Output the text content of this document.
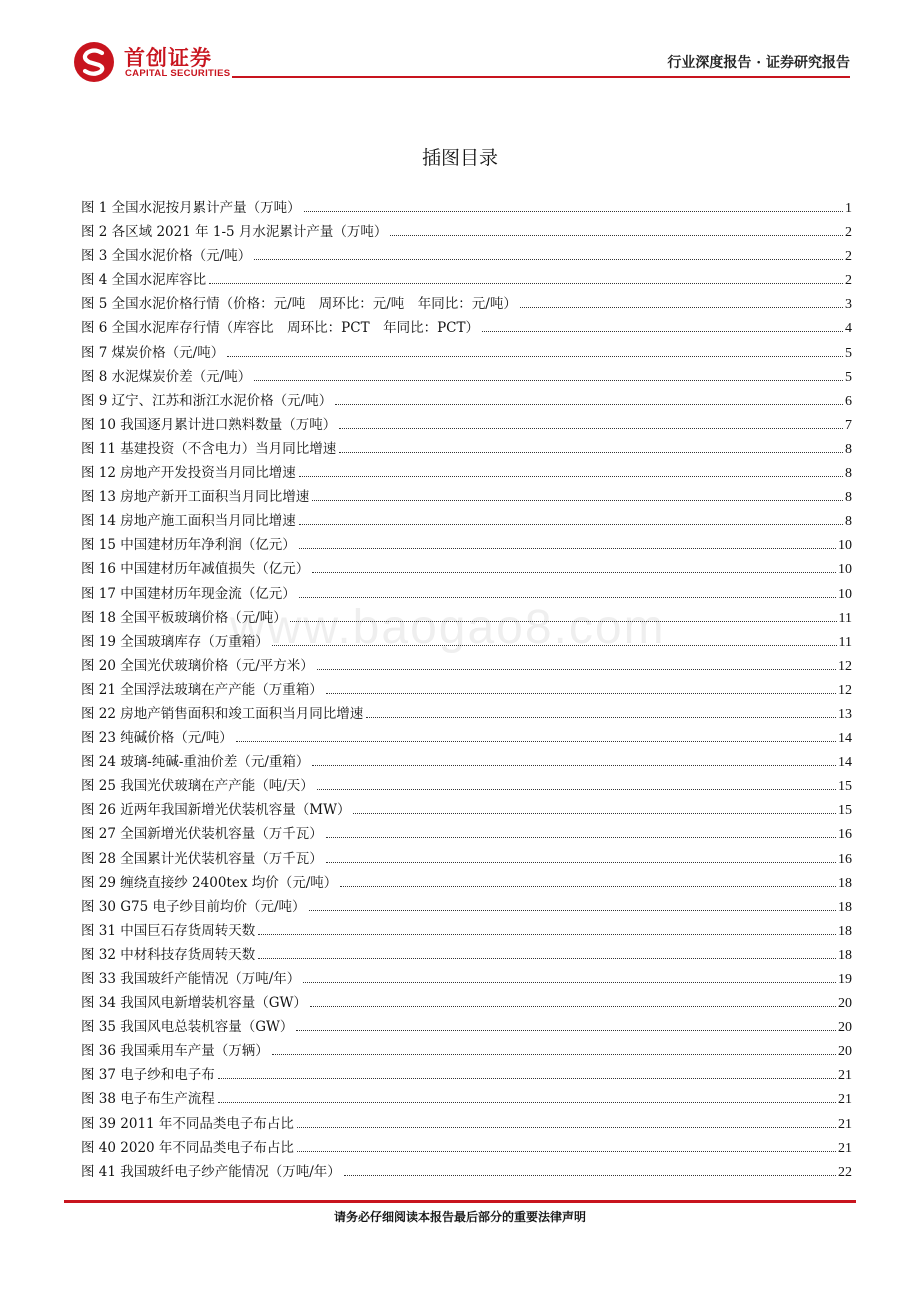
首创证券
CAPITAL SECURITIES
行业深度报告 · 证券研究报告
www.baogao8.com
插图目录
图 1 全国水泥按月累计产量（万吨）	1
图 2 各区域 2021 年 1-5 月水泥累计产量（万吨）	2
图 3 全国水泥价格（元/吨）	2
图 4 全国水泥库容比	2
图 5 全国水泥价格行情（价格：元/吨　周环比：元/吨　年同比：元/吨）	3
图 6 全国水泥库存行情（库容比　周环比：PCT　年同比：PCT）	4
图 7 煤炭价格（元/吨）	5
图 8 水泥煤炭价差（元/吨）	5
图 9 辽宁、江苏和浙江水泥价格（元/吨）	6
图 10 我国逐月累计进口熟料数量（万吨）	7
图 11 基建投资（不含电力）当月同比增速	8
图 12 房地产开发投资当月同比增速	8
图 13 房地产新开工面积当月同比增速	8
图 14 房地产施工面积当月同比增速	8
图 15 中国建材历年净利润（亿元）	10
图 16 中国建材历年减值损失（亿元）	10
图 17 中国建材历年现金流（亿元）	10
图 18 全国平板玻璃价格（元/吨）	11
图 19 全国玻璃库存（万重箱）	11
图 20 全国光伏玻璃价格（元/平方米）	12
图 21 全国浮法玻璃在产产能（万重箱）	12
图 22 房地产销售面积和竣工面积当月同比增速	13
图 23 纯碱价格（元/吨）	14
图 24 玻璃-纯碱-重油价差（元/重箱）	14
图 25 我国光伏玻璃在产产能（吨/天）	15
图 26 近两年我国新增光伏装机容量（MW）	15
图 27 全国新增光伏装机容量（万千瓦）	16
图 28 全国累计光伏装机容量（万千瓦）	16
图 29 缠绕直接纱 2400tex 均价（元/吨）	18
图 30 G75 电子纱目前均价（元/吨）	18
图 31 中国巨石存货周转天数	18
图 32 中材科技存货周转天数	18
图 33 我国玻纤产能情况（万吨/年）	19
图 34 我国风电新增装机容量（GW）	20
图 35 我国风电总装机容量（GW）	20
图 36 我国乘用车产量（万辆）	20
图 37 电子纱和电子布	21
图 38 电子布生产流程	21
图 39 2011 年不同品类电子布占比	21
图 40 2020 年不同品类电子布占比	21
图 41 我国玻纤电子纱产能情况（万吨/年）	22
请务必仔细阅读本报告最后部分的重要法律声明
